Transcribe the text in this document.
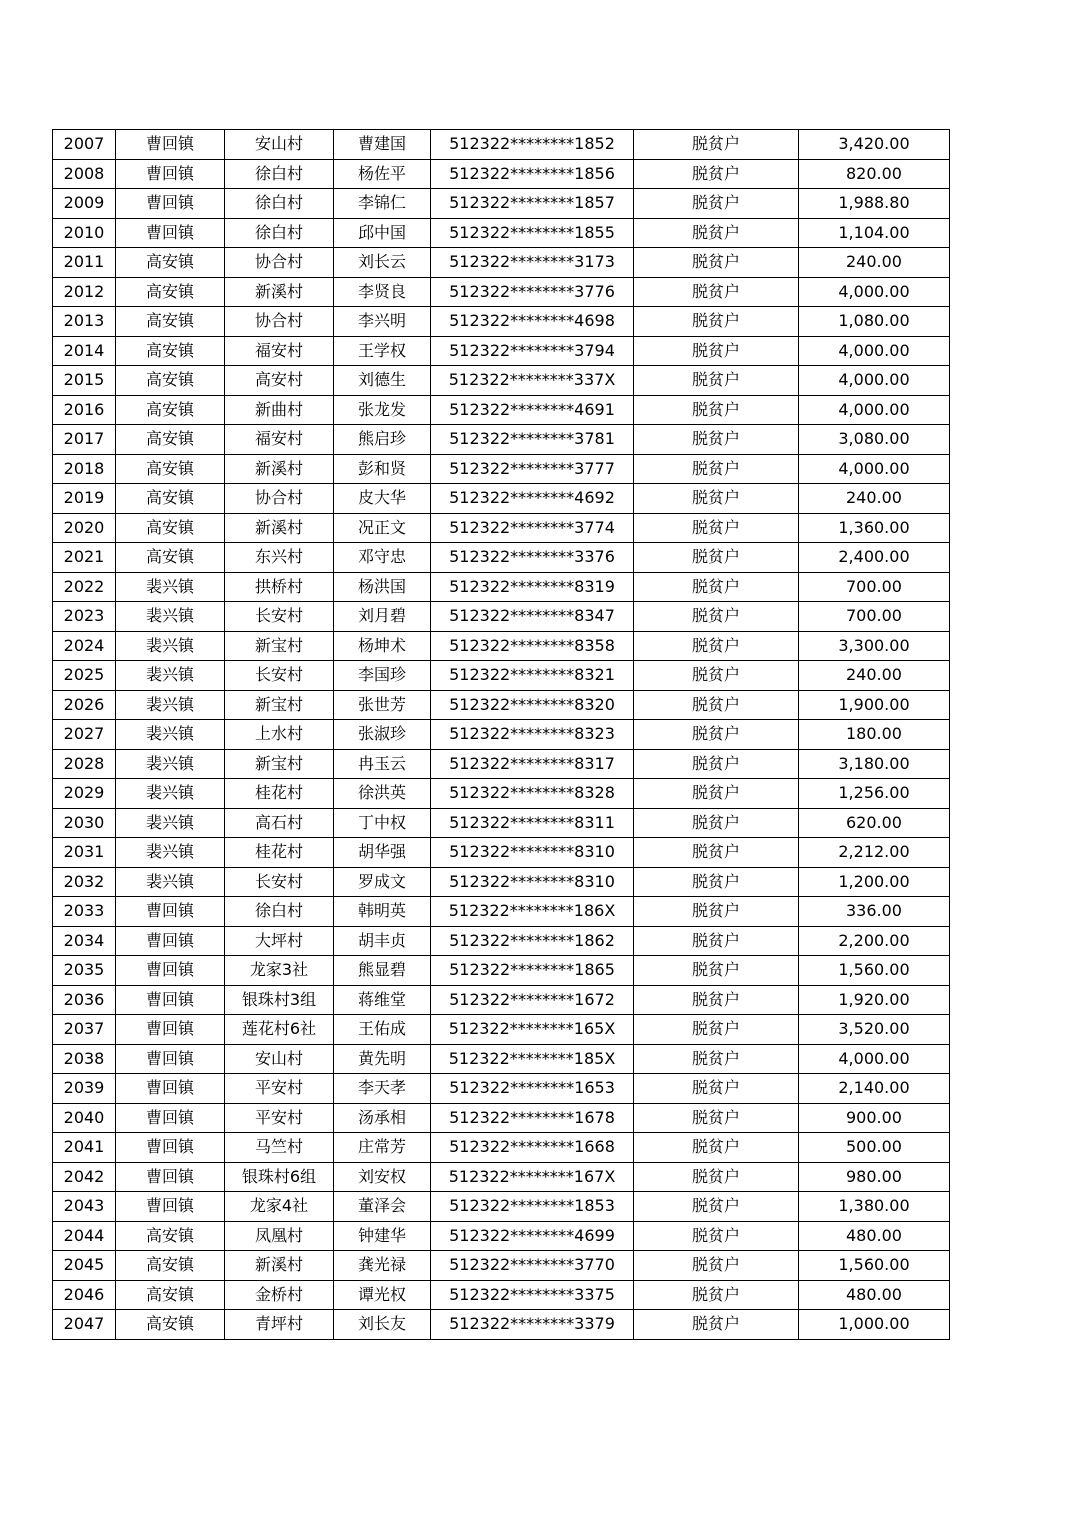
2007	曹回镇	安山村	曹建国	512322********1852	脱贫户	3,420.00
2008	曹回镇	徐白村	杨佐平	512322********1856	脱贫户	820.00
2009	曹回镇	徐白村	李锦仁	512322********1857	脱贫户	1,988.80
2010	曹回镇	徐白村	邱中国	512322********1855	脱贫户	1,104.00
2011	高安镇	协合村	刘长云	512322********3173	脱贫户	240.00
2012	高安镇	新溪村	李贤良	512322********3776	脱贫户	4,000.00
2013	高安镇	协合村	李兴明	512322********4698	脱贫户	1,080.00
2014	高安镇	福安村	王学权	512322********3794	脱贫户	4,000.00
2015	高安镇	高安村	刘德生	512322********337X	脱贫户	4,000.00
2016	高安镇	新曲村	张龙发	512322********4691	脱贫户	4,000.00
2017	高安镇	福安村	熊启珍	512322********3781	脱贫户	3,080.00
2018	高安镇	新溪村	彭和贤	512322********3777	脱贫户	4,000.00
2019	高安镇	协合村	皮大华	512322********4692	脱贫户	240.00
2020	高安镇	新溪村	况正文	512322********3774	脱贫户	1,360.00
2021	高安镇	东兴村	邓守忠	512322********3376	脱贫户	2,400.00
2022	裴兴镇	拱桥村	杨洪国	512322********8319	脱贫户	700.00
2023	裴兴镇	长安村	刘月碧	512322********8347	脱贫户	700.00
2024	裴兴镇	新宝村	杨坤术	512322********8358	脱贫户	3,300.00
2025	裴兴镇	长安村	李国珍	512322********8321	脱贫户	240.00
2026	裴兴镇	新宝村	张世芳	512322********8320	脱贫户	1,900.00
2027	裴兴镇	上水村	张淑珍	512322********8323	脱贫户	180.00
2028	裴兴镇	新宝村	冉玉云	512322********8317	脱贫户	3,180.00
2029	裴兴镇	桂花村	徐洪英	512322********8328	脱贫户	1,256.00
2030	裴兴镇	高石村	丁中权	512322********8311	脱贫户	620.00
2031	裴兴镇	桂花村	胡华强	512322********8310	脱贫户	2,212.00
2032	裴兴镇	长安村	罗成文	512322********8310	脱贫户	1,200.00
2033	曹回镇	徐白村	韩明英	512322********186X	脱贫户	336.00
2034	曹回镇	大坪村	胡丰贞	512322********1862	脱贫户	2,200.00
2035	曹回镇	龙家3社	熊显碧	512322********1865	脱贫户	1,560.00
2036	曹回镇	银珠村3组	蒋维堂	512322********1672	脱贫户	1,920.00
2037	曹回镇	莲花村6社	王佑成	512322********165X	脱贫户	3,520.00
2038	曹回镇	安山村	黄先明	512322********185X	脱贫户	4,000.00
2039	曹回镇	平安村	李天孝	512322********1653	脱贫户	2,140.00
2040	曹回镇	平安村	汤承相	512322********1678	脱贫户	900.00
2041	曹回镇	马竺村	庄常芳	512322********1668	脱贫户	500.00
2042	曹回镇	银珠村6组	刘安权	512322********167X	脱贫户	980.00
2043	曹回镇	龙家4社	董泽会	512322********1853	脱贫户	1,380.00
2044	高安镇	凤凰村	钟建华	512322********4699	脱贫户	480.00
2045	高安镇	新溪村	龚光禄	512322********3770	脱贫户	1,560.00
2046	高安镇	金桥村	谭光权	512322********3375	脱贫户	480.00
2047	高安镇	青坪村	刘长友	512322********3379	脱贫户	1,000.00
